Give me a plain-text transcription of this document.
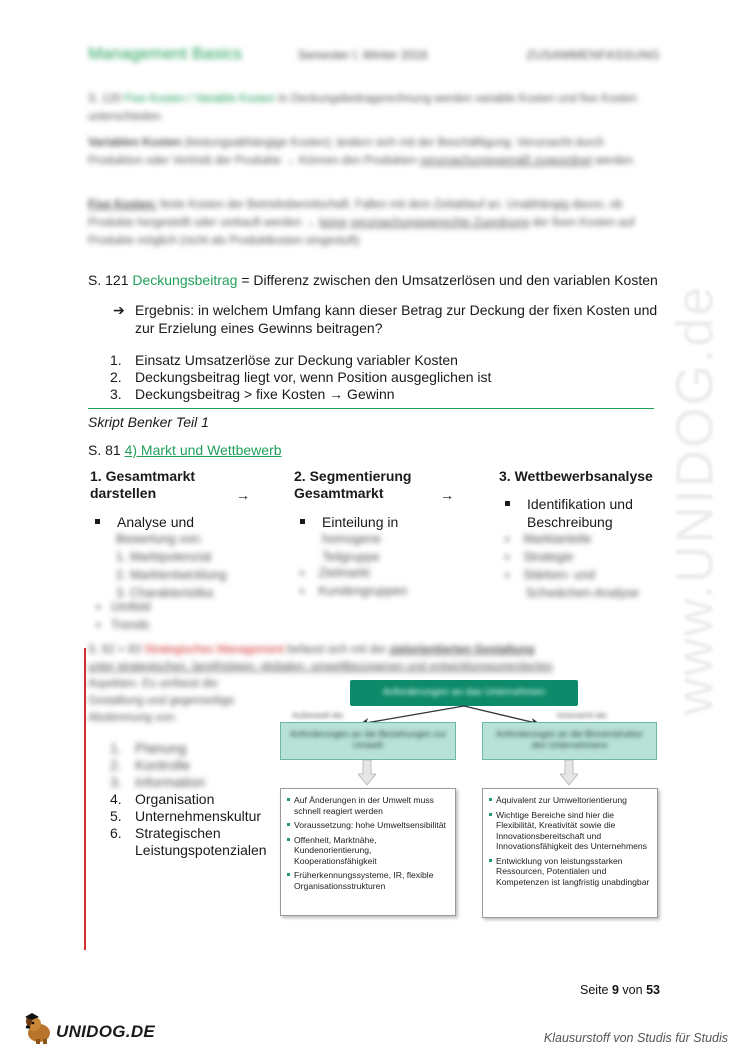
www.UNIDOG.de
Management Basics	Semester I, Winter 2016	ZUSAMMENFASSUNG
S. 120 Fixe Kosten / Variable Kosten In Deckungsbeitragsrechnung werden variable Kosten und fixe Kosten unterschieden.
Variablen Kosten (leistungsabhängige Kosten): ändern sich mit der Beschäftigung. Verursacht durch Produktion oder Vertrieb der Produkte → Können den Produkten verursachungsgemäß zugeordnet werden.
Fixe Kosten: feste Kosten der Betriebsbereitschaft. Fallen mit dem Zeitablauf an. Unabhängig davon, ob Produkte hergestellt oder verkauft werden → keine verursachungsgerechte Zuordnung der fixen Kosten auf Produkte möglich (nicht als Produktkosten eingestuft)
S. 121 Deckungsbeitrag = Differenz zwischen den Umsatzerlösen und den variablen Kosten
➔ Ergebnis: in welchem Umfang kann dieser Betrag zur Deckung der fixen Kosten und zur Erzielung eines Gewinns beitragen?
1. Einsatz Umsatzerlöse zur Deckung variabler Kosten
2. Deckungsbeitrag liegt vor, wenn Position ausgeglichen ist
3. Deckungsbeitrag > fixe Kosten → Gewinn
Skript Benker Teil 1
S. 81 4) Markt und Wettbewerb
1. Gesamtmarkt
darstellen	→
Analyse und
Bewertung von:
1. Marktpotenzial
2. Marktentwicklung
3. Charakteristika
▪   Umfeld
▪   Trends
2. Segmentierung
Gesamtmarkt	→
Einteilung in
homogene
Teilgruppe
▪    Zielmarkt
▪    Kundengruppen
3. Wettbewerbsanalyse
Identifikation und
Beschreibung
▪    Marktanteile
▪    Strategie
▪    Stärken- und
Schwächen-Analyse
S. 82 + 83 Strategisches Management befasst sich mit der zielorientierten Gestaltung
unter strategischen, langfristigen, globalen, umweltbezogenen und entwicklungsorientierten
Aspekten. Es umfasst die
Gestaltung und gegenseitige
Abstimmung von:
1. Planung
2. Kontrolle
3. Information
4. Organisation
5. Unternehmenskultur
6. Strategischen Leistungspotenzialen
Anforderungen an das Unternehmen
Außenwelt der	Innensicht der
Anforderungen an die Beziehungen zur Umwelt
Anforderungen an die Binnenstruktur des Unternehmens
Auf Änderungen in der Umwelt muss schnell reagiert werden
Voraussetzung: hohe Umweltsensibilität
Offenheit, Marktnähe, Kundenorientierung, Kooperationsfähigkeit
Früherkennungssysteme, IR, flexible Organisationsstrukturen
Äquivalent zur Umweltorientierung
Wichtige Bereiche sind hier die Flexibilität, Kreativität sowie die Innovationsbereitschaft und Innovationsfähigkeit des Unternehmens
Entwicklung von leistungsstarken Ressourcen, Potentialen und Kompetenzen ist langfristig unabdingbar
Seite 9 von 53
UNIDOG.DE	Klausurstoff von Studis für Studis
